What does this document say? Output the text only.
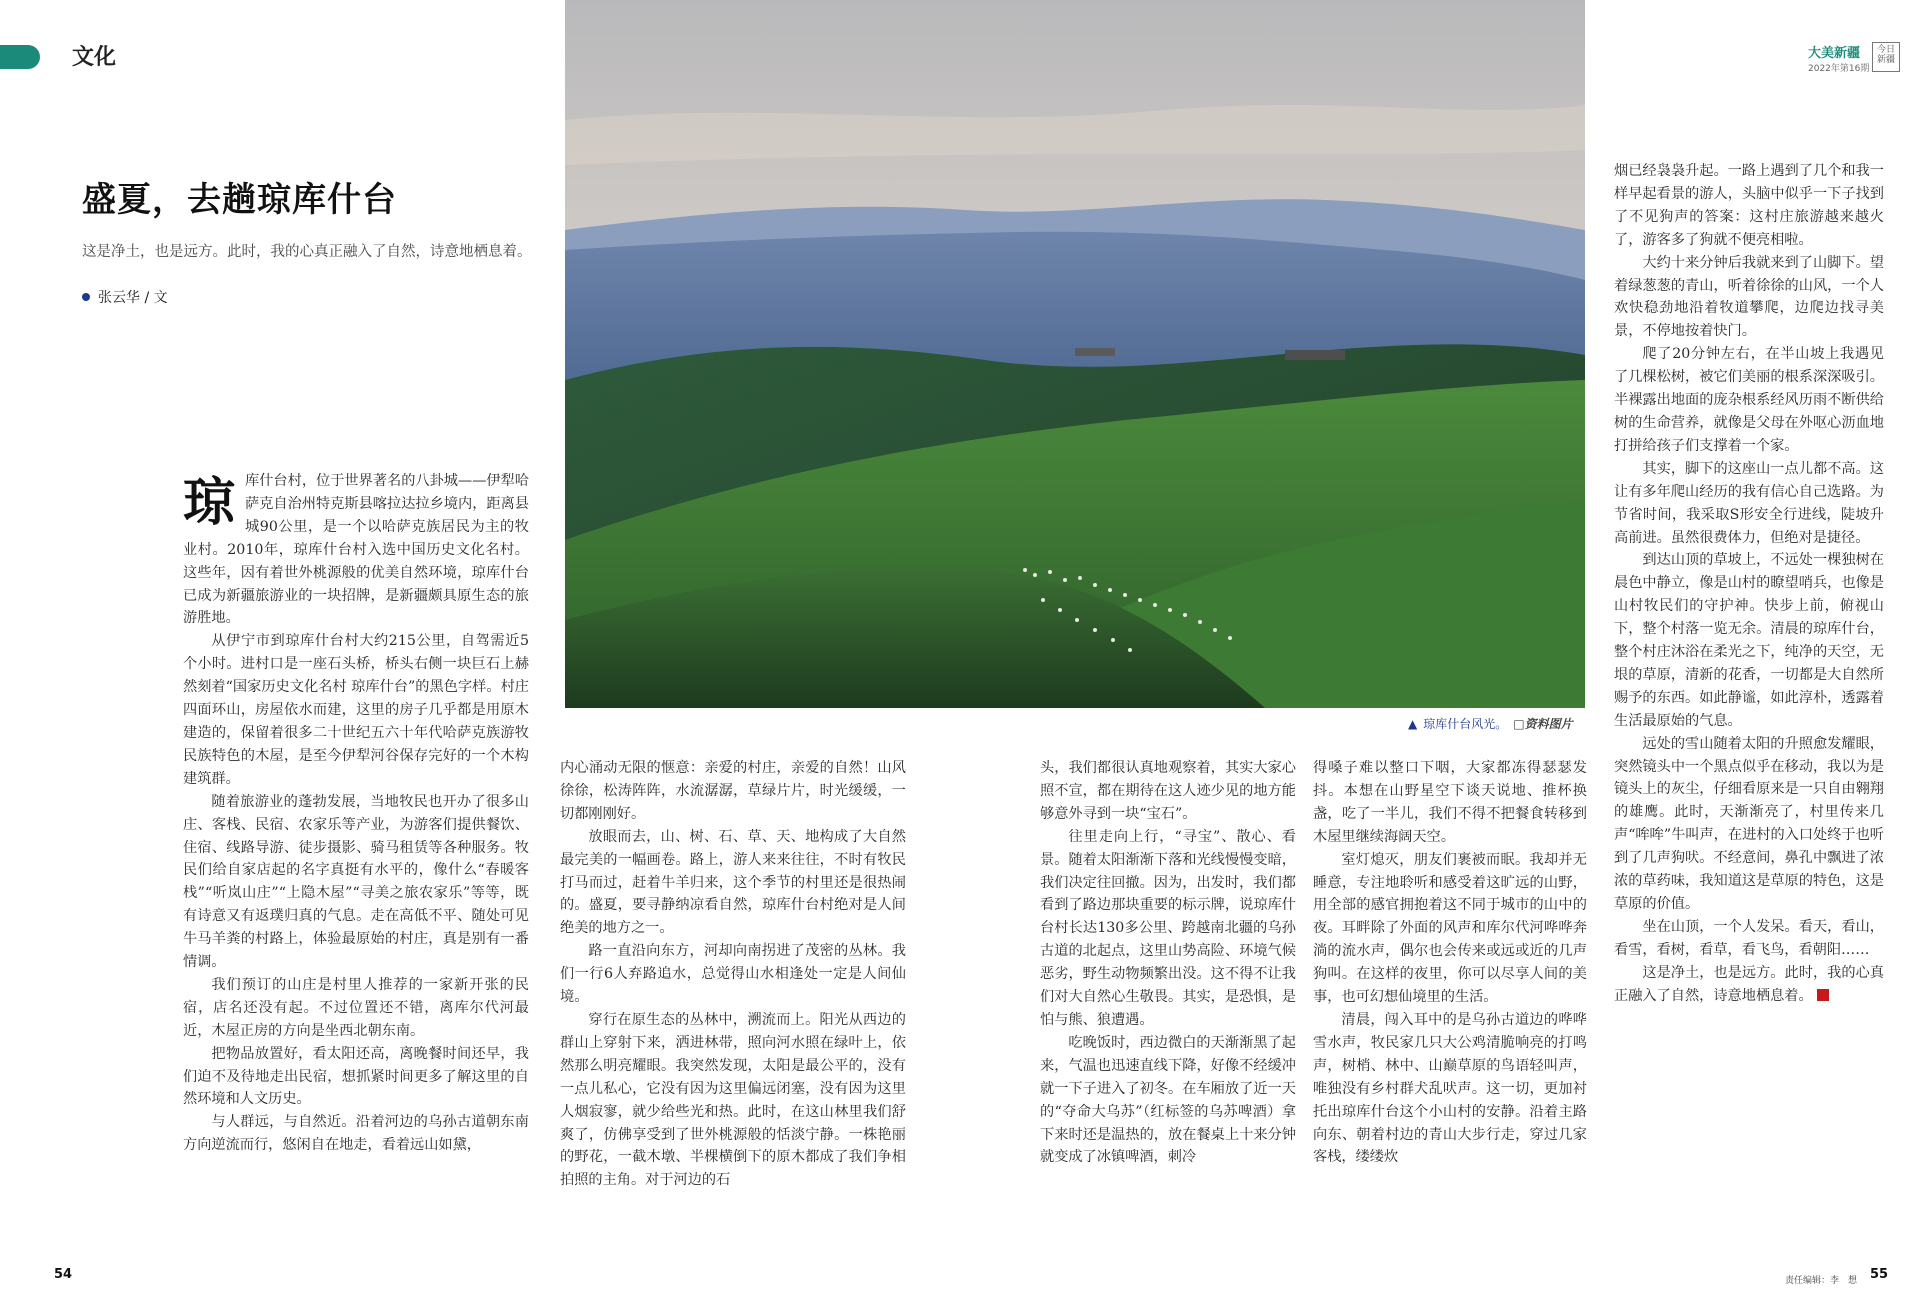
文化	大美新疆
2022年第16期
今日新疆
▲ 琼库什台风光。 □资料图片
盛夏，去趟琼库什台
这是净土，也是远方。此时，我的心真正融入了自然，诗意地栖息着。
张云华 / 文

琼库什台村，位于世界著名的八卦城——伊犁哈萨克自治州特克斯县喀拉达拉乡境内，距离县城90公里，是一个以哈萨克族居民为主的牧业村。2010年，琼库什台村入选中国历史文化名村。这些年，因有着世外桃源般的优美自然环境，琼库什台已成为新疆旅游业的一块招牌，是新疆颇具原生态的旅游胜地。

从伊宁市到琼库什台村大约215公里，自驾需近5个小时。进村口是一座石头桥，桥头右侧一块巨石上赫然刻着“国家历史文化名村 琼库什台”的黑色字样。村庄四面环山，房屋依水而建，这里的房子几乎都是用原木建造的，保留着很多二十世纪五六十年代哈萨克族游牧民族特色的木屋，是至今伊犁河谷保存完好的一个木构建筑群。

随着旅游业的蓬勃发展，当地牧民也开办了很多山庄、客栈、民宿、农家乐等产业，为游客们提供餐饮、住宿、线路导游、徒步摄影、骑马租赁等各种服务。牧民们给自家店起的名字真挺有水平的，像什么“春暖客栈”“听岚山庄”“上隐木屋”“寻美之旅农家乐”等等，既有诗意又有返璞归真的气息。走在高低不平、随处可见牛马羊粪的村路上，体验最原始的村庄，真是别有一番情调。

我们预订的山庄是村里人推荐的一家新开张的民宿，店名还没有起。不过位置还不错，离库尔代河最近，木屋正房的方向是坐西北朝东南。

把物品放置好，看太阳还高，离晚餐时间还早，我们迫不及待地走出民宿，想抓紧时间更多了解这里的自然环境和人文历史。

与人群远，与自然近。沿着河边的乌孙古道朝东南方向逆流而行，悠闲自在地走，看着远山如黛，

内心涌动无限的惬意：亲爱的村庄，亲爱的自然！山风徐徐，松涛阵阵，水流潺潺，草绿片片，时光缓缓，一切都刚刚好。

放眼而去，山、树、石、草、天、地构成了大自然最完美的一幅画卷。路上，游人来来往往，不时有牧民打马而过，赶着牛羊归来，这个季节的村里还是很热闹的。盛夏，要寻静纳凉看自然，琼库什台村绝对是人间绝美的地方之一。

路一直沿向东方，河却向南拐进了茂密的丛林。我们一行6人弃路追水，总觉得山水相逢处一定是人间仙境。

穿行在原生态的丛林中，溯流而上。阳光从西边的群山上穿射下来，洒进林带，照向河水照在绿叶上，依然那么明亮耀眼。我突然发现，太阳是最公平的，没有一点儿私心，它没有因为这里偏远闭塞，没有因为这里人烟寂寥，就少给些光和热。此时，在这山林里我们舒爽了，仿佛享受到了世外桃源般的恬淡宁静。一株艳丽的野花，一截木墩、半棵横倒下的原木都成了我们争相拍照的主角。对于河边的石

头，我们都很认真地观察着，其实大家心照不宣，都在期待在这人迹少见的地方能够意外寻到一块“宝石”。

往里走向上行，“寻宝”、散心、看景。随着太阳渐渐下落和光线慢慢变暗，我们决定往回撤。因为，出发时，我们都看到了路边那块重要的标示牌，说琼库什台村长达130多公里、跨越南北疆的乌孙古道的北起点，这里山势高险、环境气候恶劣，野生动物频繁出没。这不得不让我们对大自然心生敬畏。其实，是恐惧，是怕与熊、狼遭遇。

吃晚饭时，西边微白的天渐渐黑了起来，气温也迅速直线下降，好像不经缓冲就一下子进入了初冬。在车厢放了近一天的“夺命大乌苏”（红标签的乌苏啤酒）拿下来时还是温热的，放在餐桌上十来分钟就变成了冰镇啤酒，刺冷

得嗓子难以整口下咽，大家都冻得瑟瑟发抖。本想在山野星空下谈天说地、推杯换盏，吃了一半儿，我们不得不把餐食转移到木屋里继续海阔天空。

室灯熄灭，朋友们裹被而眠。我却并无睡意，专注地聆听和感受着这旷远的山野，用全部的感官拥抱着这不同于城市的山中的夜。耳畔除了外面的风声和库尔代河哗哗奔淌的流水声，偶尔也会传来或远或近的几声狗叫。在这样的夜里，你可以尽享人间的美事，也可幻想仙境里的生活。

清晨，闯入耳中的是乌孙古道边的哗哗雪水声，牧民家几只大公鸡清脆响亮的打鸣声，树梢、林中、山巅草原的鸟语轻叫声，唯独没有乡村群犬乱吠声。这一切，更加衬托出琼库什台这个小山村的安静。沿着主路向东、朝着村边的青山大步行走，穿过几家客栈，缕缕炊

烟已经袅袅升起。一路上遇到了几个和我一样早起看景的游人，头脑中似乎一下子找到了不见狗声的答案：这村庄旅游越来越火了，游客多了狗就不便亮相啦。

大约十来分钟后我就来到了山脚下。望着绿葱葱的青山，听着徐徐的山风，一个人欢快稳劲地沿着牧道攀爬，边爬边找寻美景，不停地按着快门。

爬了20分钟左右，在半山坡上我遇见了几棵松树，被它们美丽的根系深深吸引。半裸露出地面的庞杂根系经风历雨不断供给树的生命营养，就像是父母在外呕心沥血地打拼给孩子们支撑着一个家。

其实，脚下的这座山一点儿都不高。这让有多年爬山经历的我有信心自己选路。为节省时间，我采取S形安全行进线，陡坡升高前进。虽然很费体力，但绝对是捷径。

到达山顶的草坡上，不远处一棵独树在晨色中静立，像是山村的瞭望哨兵，也像是山村牧民们的守护神。快步上前，俯视山下，整个村落一览无余。清晨的琼库什台，整个村庄沐浴在柔光之下，纯净的天空，无垠的草原，清新的花香，一切都是大自然所赐予的东西。如此静谧，如此淳朴，透露着生活最原始的气息。

远处的雪山随着太阳的升照愈发耀眼，突然镜头中一个黑点似乎在移动，我以为是镜头上的灰尘，仔细看原来是一只自由翱翔的雄鹰。此时，天渐渐亮了，村里传来几声“哞哞”牛叫声，在进村的入口处终于也听到了几声狗吠。不经意间，鼻孔中飘进了浓浓的草药味，我知道这是草原的特色，这是草原的价值。

坐在山顶，一个人发呆。看天，看山，看雪，看树，看草，看飞鸟，看朝阳……

这是净土，也是远方。此时，我的心真正融入了自然，诗意地栖息着。

54	55
责任编辑：李　想
